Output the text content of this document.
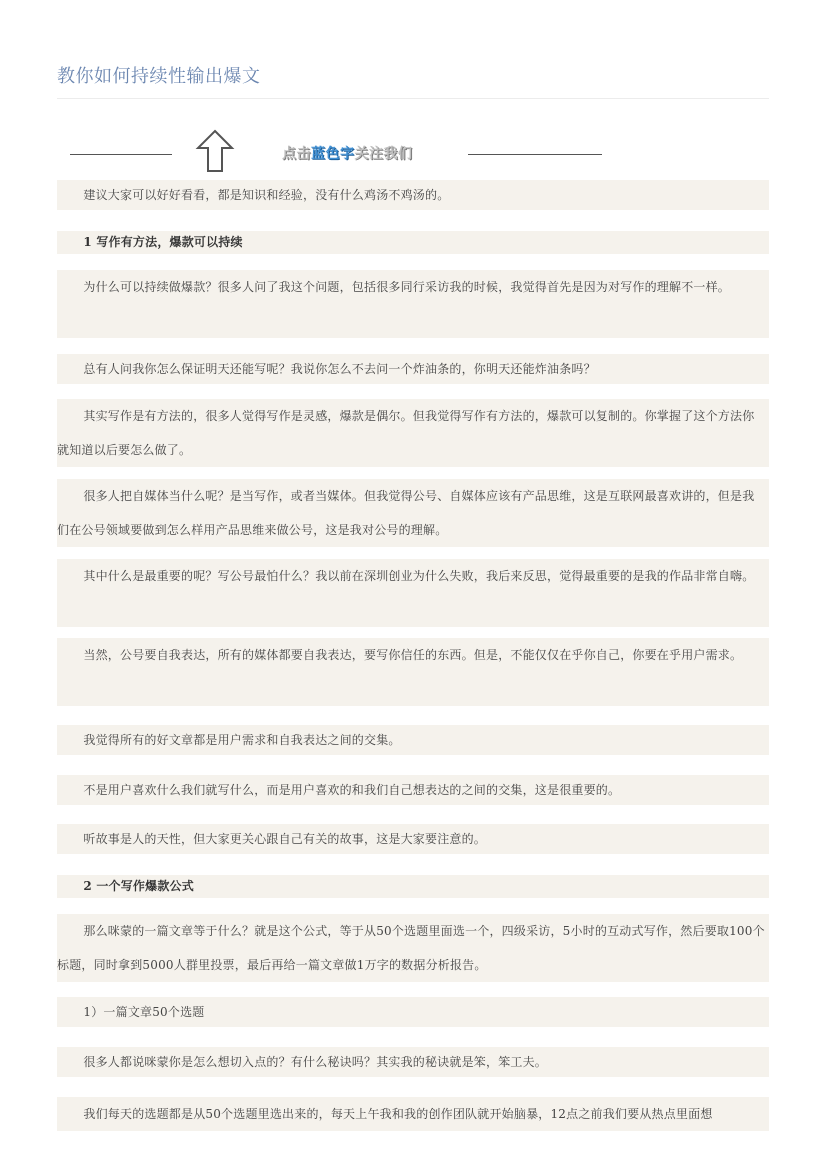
教你如何持续性输出爆文
点击蓝色字关注我们
建议大家可以好好看看，都是知识和经验，没有什么鸡汤不鸡汤的。
1 写作有方法，爆款可以持续
为什么可以持续做爆款？很多人问了我这个问题，包括很多同行采访我的时候，我觉得首先是因为对写作的理解不一样。
总有人问我你怎么保证明天还能写呢？我说你怎么不去问一个炸油条的，你明天还能炸油条吗？
其实写作是有方法的，很多人觉得写作是灵感，爆款是偶尔。但我觉得写作有方法的，爆款可以复制的。你掌握了这个方法你就知道以后要怎么做了。
很多人把自媒体当什么呢？是当写作，或者当媒体。但我觉得公号、自媒体应该有产品思维，这是互联网最喜欢讲的，但是我们在公号领域要做到怎么样用产品思维来做公号，这是我对公号的理解。
其中什么是最重要的呢？写公号最怕什么？我以前在深圳创业为什么失败，我后来反思，觉得最重要的是我的作品非常自嗨。
当然，公号要自我表达，所有的媒体都要自我表达，要写你信任的东西。但是，不能仅仅在乎你自己，你要在乎用户需求。
我觉得所有的好文章都是用户需求和自我表达之间的交集。
不是用户喜欢什么我们就写什么，而是用户喜欢的和我们自己想表达的之间的交集，这是很重要的。
听故事是人的天性，但大家更关心跟自己有关的故事，这是大家要注意的。
2 一个写作爆款公式
那么咪蒙的一篇文章等于什么？就是这个公式，等于从50个选题里面选一个，四级采访，5小时的互动式写作，然后要取100个标题，同时拿到5000人群里投票，最后再给一篇文章做1万字的数据分析报告。
1）一篇文章50个选题
很多人都说咪蒙你是怎么想切入点的？有什么秘诀吗？其实我的秘诀就是笨，笨工夫。
我们每天的选题都是从50个选题里选出来的，每天上午我和我的创作团队就开始脑暴，12点之前我们要从热点里面想
